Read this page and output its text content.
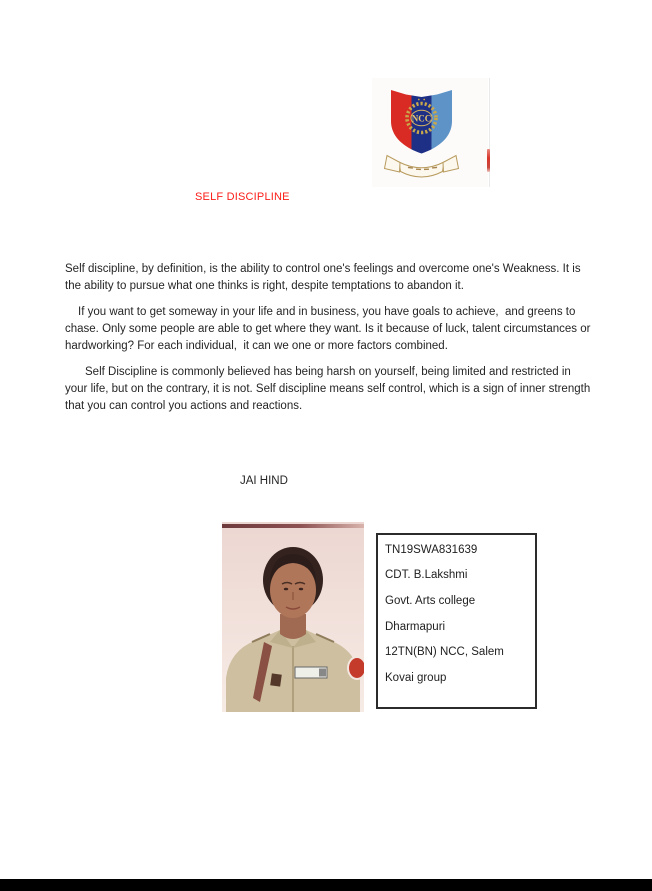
NCC
SELF DISCIPLINE

Self discipline, by definition, is the ability to control one's feelings and overcome one's Weakness. It is the ability to pursue what one thinks is right, despite temptations to abandon it.

If you want to get someway in your life and in business, you have goals to achieve,  and greens to chase. Only some people are able to get where they want. Is it because of luck, talent circumstances or hardworking? For each individual,  it can we one or more factors combined.

Self Discipline is commonly believed has being harsh on yourself, being limited and restricted in your life, but on the contrary, it is not. Self discipline means self control, which is a sign of inner strength that you can control you actions and reactions.

JAI HIND
TN19SWA831639
CDT. B.Lakshmi
Govt. Arts college
Dharmapuri
12TN(BN) NCC, Salem
Kovai group
